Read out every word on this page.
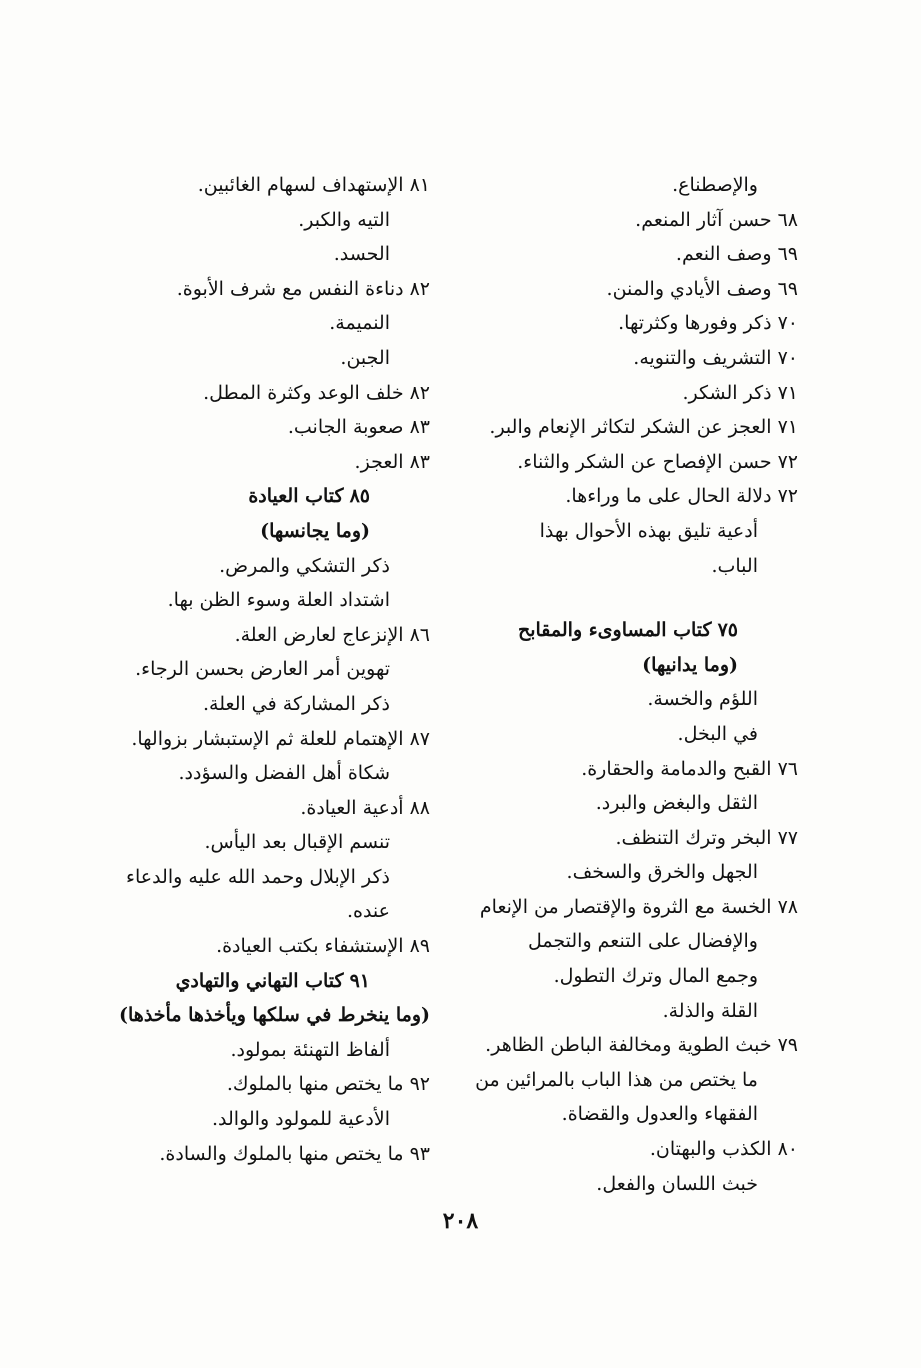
والإصطناع.
٦٨حسن آثار المنعم.
٦٩وصف النعم.
٦٩وصف الأيادي والمنن.
٧٠ذكر وفورها وكثرتها.
٧٠التشريف والتنويه.
٧١ذكر الشكر.
٧١العجز عن الشكر لتكاثر الإنعام والبر.
٧٢حسن الإفصاح عن الشكر والثناء.
٧٢دلالة الحال على ما وراءها.
أدعية تليق بهذه الأحوال بهذا
الباب.
٧٥كتاب المساوىء والمقابح
(وما يدانيها)
اللؤم والخسة.
في البخل.
٧٦القبح والدمامة والحقارة.
الثقل والبغض والبرد.
٧٧البخر وترك التنظف.
الجهل والخرق والسخف.
٧٨الخسة مع الثروة والإقتصار من الإنعام
والإفضال على التنعم والتجمل
وجمع المال وترك التطول.
القلة والذلة.
٧٩خبث الطوية ومخالفة الباطن الظاهر.
ما يختص من هذا الباب بالمرائين من
الفقهاء والعدول والقضاة.
٨٠الكذب والبهتان.
خبث اللسان والفعل.
٨١الإستهداف لسهام الغائبين.
التيه والكبر.
الحسد.
٨٢دناءة النفس مع شرف الأبوة.
النميمة.
الجبن.
٨٢خلف الوعد وكثرة المطل.
٨٣صعوبة الجانب.
٨٣العجز.
٨٥كتاب العيادة
(وما يجانسها)
ذكر التشكي والمرض.
اشتداد العلة وسوء الظن بها.
٨٦الإنزعاج لعارض العلة.
تهوين أمر العارض بحسن الرجاء.
ذكر المشاركة في العلة.
٨٧الإهتمام للعلة ثم الإستبشار بزوالها.
شكاة أهل الفضل والسؤدد.
٨٨أدعية العيادة.
تنسم الإقبال بعد اليأس.
ذكر الإبلال وحمد الله عليه والدعاء
عنده.
٨٩الإستشفاء بكتب العيادة.
٩١كتاب التهاني والتهادي
(وما ينخرط في سلكها ويأخذها مأخذها)
ألفاظ التهنئة بمولود.
٩٢ما يختص منها بالملوك.
الأدعية للمولود والوالد.
٩٣ما يختص منها بالملوك والسادة.
٢٠٨
